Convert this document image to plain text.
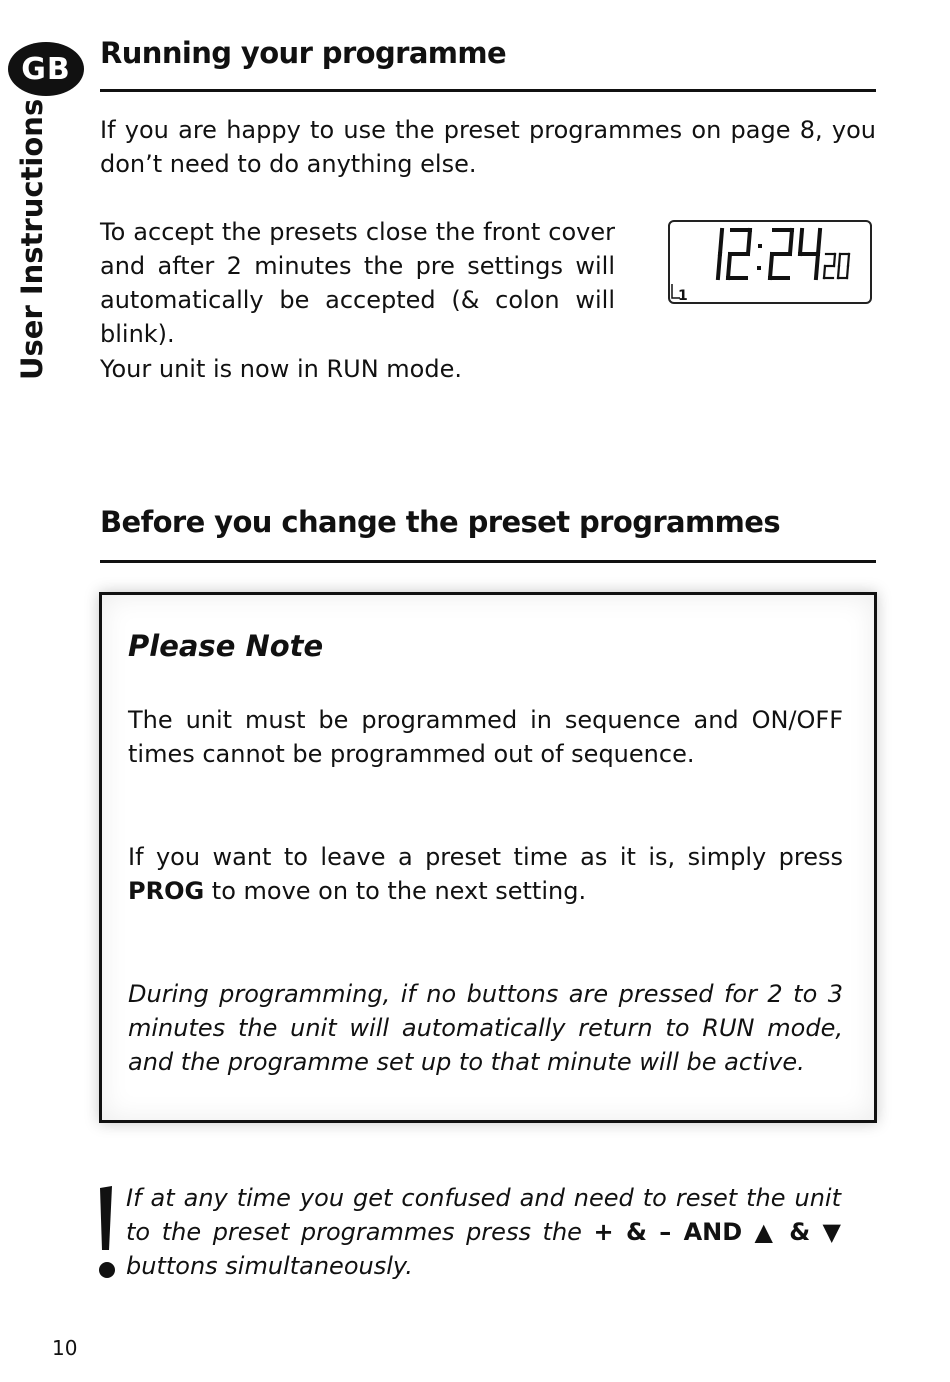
GB
User Instructions
Running your programme

If you are happy to use the preset programmes on page 8, you don’t need to do anything else.

To accept the presets close the front cover and after 2 minutes the pre settings will automatically be accepted (& colon will blink).

1

Your unit is now in RUN mode.

Before you change the preset programmes
Please Note

The unit must be programmed in sequence and ON/OFF times cannot be programmed out of sequence.

If you want to leave a preset time as it is, simply press PROG to move on to the next setting.

During programming, if no buttons are pressed for 2 to 3 minutes the unit will automatically return to RUN mode, and the programme set up to that minute will be active.

If at any time you get confused and need to reset the unit to the preset programmes press the + & – AND ▲ & ▼ buttons simultaneously.

10
